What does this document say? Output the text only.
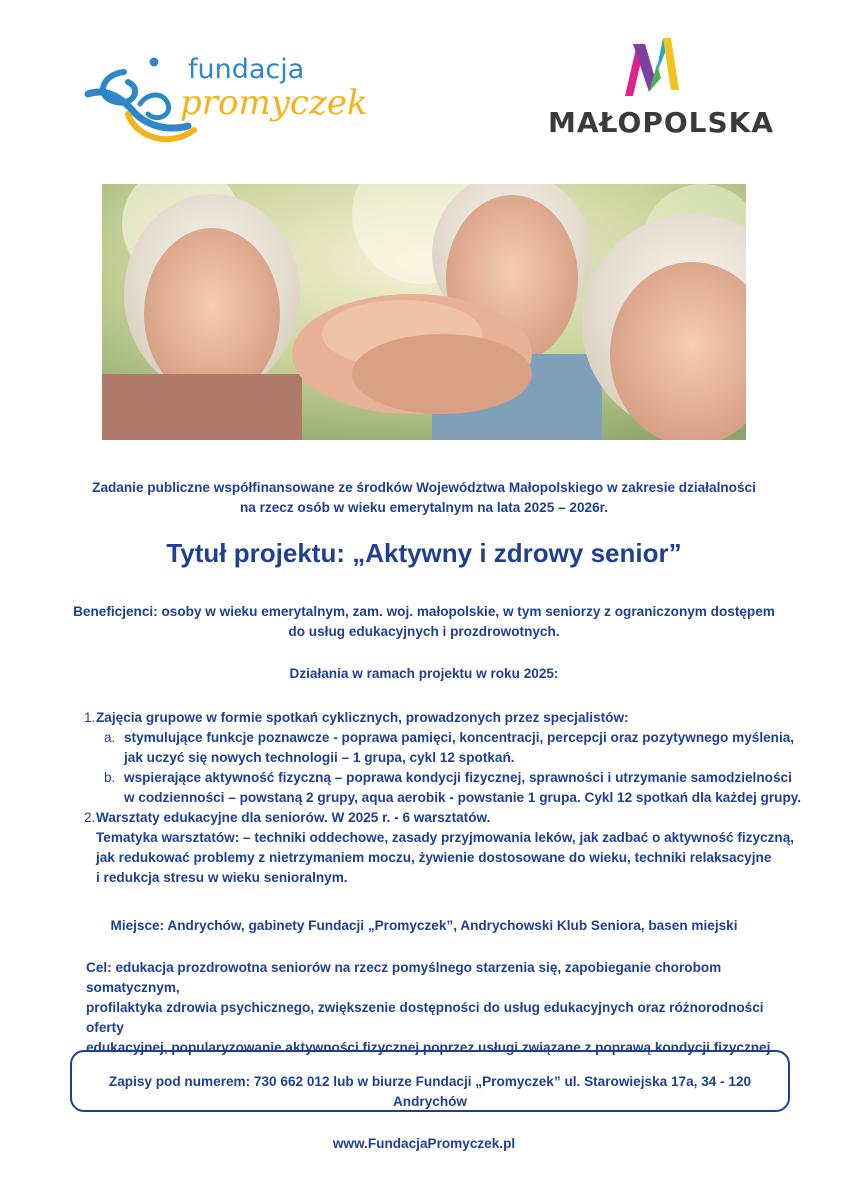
fundacja
promyczek	MAŁOPOLSKA
Zadanie publiczne współfinansowane ze środków Województwa Małopolskiego w zakresie działalności
na rzecz osób w wieku emerytalnym na lata 2025 – 2026r.
Tytuł projektu: „Aktywny i zdrowy senior”
Beneficjenci: osoby w wieku emerytalnym, zam. woj. małopolskie, w tym seniorzy z ograniczonym dostępem
do usług edukacyjnych i prozdrowotnych.
Działania w ramach projektu w roku 2025:
1. Zajęcia grupowe w formie spotkań cyklicznych, prowadzonych przez specjalistów:
a. stymulujące funkcje poznawcze - poprawa pamięci, koncentracji, percepcji oraz pozytywnego myślenia,
jak uczyć się nowych technologii – 1 grupa, cykl 12 spotkań.
b. wspierające aktywność fizyczną – poprawa kondycji fizycznej, sprawności i utrzymanie samodzielności
w codzienności – powstaną 2 grupy, aqua aerobik - powstanie 1 grupa. Cykl 12 spotkań dla każdej grupy.
2. Warsztaty edukacyjne dla seniorów. W 2025 r. - 6 warsztatów.
Tematyka warsztatów: – techniki oddechowe, zasady przyjmowania leków, jak zadbać o aktywność fizyczną,
jak redukować problemy z nietrzymaniem moczu, żywienie dostosowane do wieku, techniki relaksacyjne
i redukcja stresu w wieku senioralnym.
Miejsce: Andrychów, gabinety Fundacji „Promyczek”, Andrychowski Klub Seniora, basen miejski
Cel: edukacja prozdrowotna seniorów na rzecz pomyślnego starzenia się, zapobieganie chorobom somatycznym,
profilaktyka zdrowia psychicznego, zwiększenie dostępności do usług edukacyjnych oraz różnorodności oferty
edukacyjnej, popularyzowanie aktywności fizycznej poprzez usługi związane z poprawą kondycji fizycznej.
Zapisy pod numerem: 730 662 012 lub w biurze Fundacji „Promyczek” ul. Starowiejska 17a, 34 - 120 Andrychów
www.FundacjaPromyczek.pl
